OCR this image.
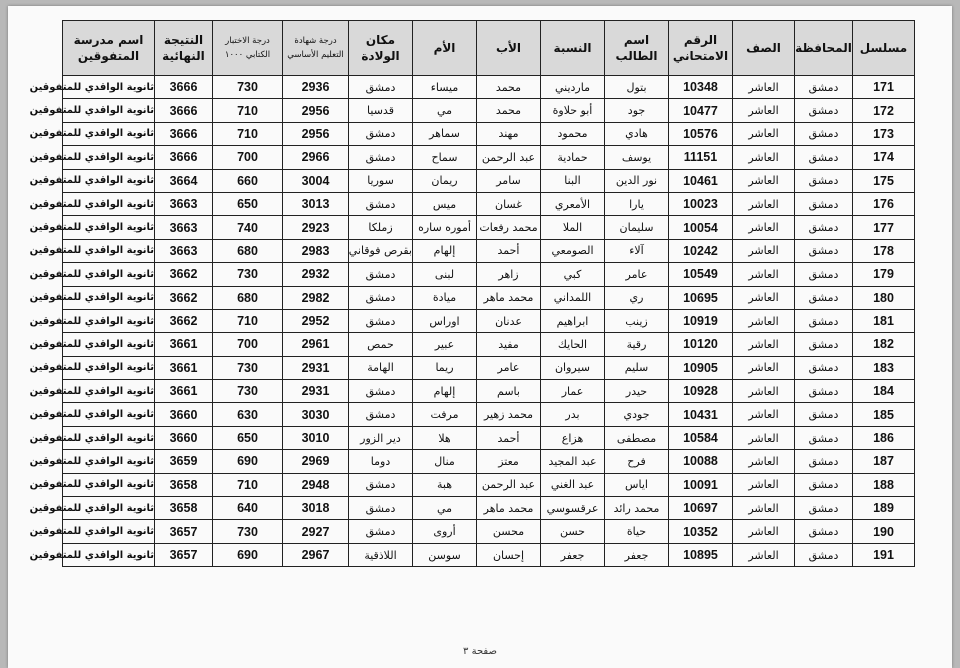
مسلسل	المحافظة	الصف	الرقم الامتحاني	اسم الطالب	النسبة	الأب	الأم	مكان الولادة	درجة شهادة التعليم الأساسي	درجة الاختبار الكتابي ١٠٠٠	النتيجة النهائية	اسم مدرسة المتفوقين
171	دمشق	العاشر	10348	بتول	ماردیني	محمد	میساء	دمشق	2936	730	3666	ثانوية الواقدي للمتفوقين
172	دمشق	العاشر	10477	جود	أبو حلاوة	محمد	مي	قدسيا	2956	710	3666	ثانوية الواقدي للمتفوقين
173	دمشق	العاشر	10576	هادي	محمود	مهند	سماهر	دمشق	2956	710	3666	ثانوية الواقدي للمتفوقين
174	دمشق	العاشر	11151	يوسف	حمادية	عبد الرحمن	سماح	دمشق	2966	700	3666	ثانوية الواقدي للمتفوقين
175	دمشق	العاشر	10461	نور الدين	البنا	سامر	ريمان	سوريا	3004	660	3664	ثانوية الواقدي للمتفوقين
176	دمشق	العاشر	10023	يارا	الأمعري	غسان	ميس	دمشق	3013	650	3663	ثانوية الواقدي للمتفوقين
177	دمشق	العاشر	10054	سليمان	الملا	محمد رفعات	أموره ساره	زملكا	2923	740	3663	ثانوية الواقدي للمتفوقين
178	دمشق	العاشر	10242	آلاء	الصومعي	أحمد	إلهام	بقرص فوقاني	2983	680	3663	ثانوية الواقدي للمتفوقين
179	دمشق	العاشر	10549	عامر	كبي	زاهر	لبنى	دمشق	2932	730	3662	ثانوية الواقدي للمتفوقين
180	دمشق	العاشر	10695	ري	اللمداني	محمد ماهر	ميادة	دمشق	2982	680	3662	ثانوية الواقدي للمتفوقين
181	دمشق	العاشر	10919	زينب	ابراهيم	عدنان	اوراس	دمشق	2952	710	3662	ثانوية الواقدي للمتفوقين
182	دمشق	العاشر	10120	رقية	الحايك	مفيد	عبير	حمص	2961	700	3661	ثانوية الواقدي للمتفوقين
183	دمشق	العاشر	10905	سليم	سيروان	عامر	ريما	الهامة	2931	730	3661	ثانوية الواقدي للمتفوقين
184	دمشق	العاشر	10928	حيدر	عمار	باسم	إلهام	دمشق	2931	730	3661	ثانوية الواقدي للمتفوقين
185	دمشق	العاشر	10431	جودي	بدر	محمد زهير	مرفت	دمشق	3030	630	3660	ثانوية الواقدي للمتفوقين
186	دمشق	العاشر	10584	مصطفى	هزاع	أحمد	هلا	دير الزور	3010	650	3660	ثانوية الواقدي للمتفوقين
187	دمشق	العاشر	10088	فرح	عبد المجيد	معتز	منال	دوما	2969	690	3659	ثانوية الواقدي للمتفوقين
188	دمشق	العاشر	10091	اياس	عبد الغني	عبد الرحمن	هبة	دمشق	2948	710	3658	ثانوية الواقدي للمتفوقين
189	دمشق	العاشر	10697	محمد رائد	عرقسوسي	محمد ماهر	مي	دمشق	3018	640	3658	ثانوية الواقدي للمتفوقين
190	دمشق	العاشر	10352	حياة	حسن	محسن	أروى	دمشق	2927	730	3657	ثانوية الواقدي للمتفوقين
191	دمشق	العاشر	10895	جعفر	جعفر	إحسان	سوسن	اللاذقية	2967	690	3657	ثانوية الواقدي للمتفوقين
صفحة ٣
